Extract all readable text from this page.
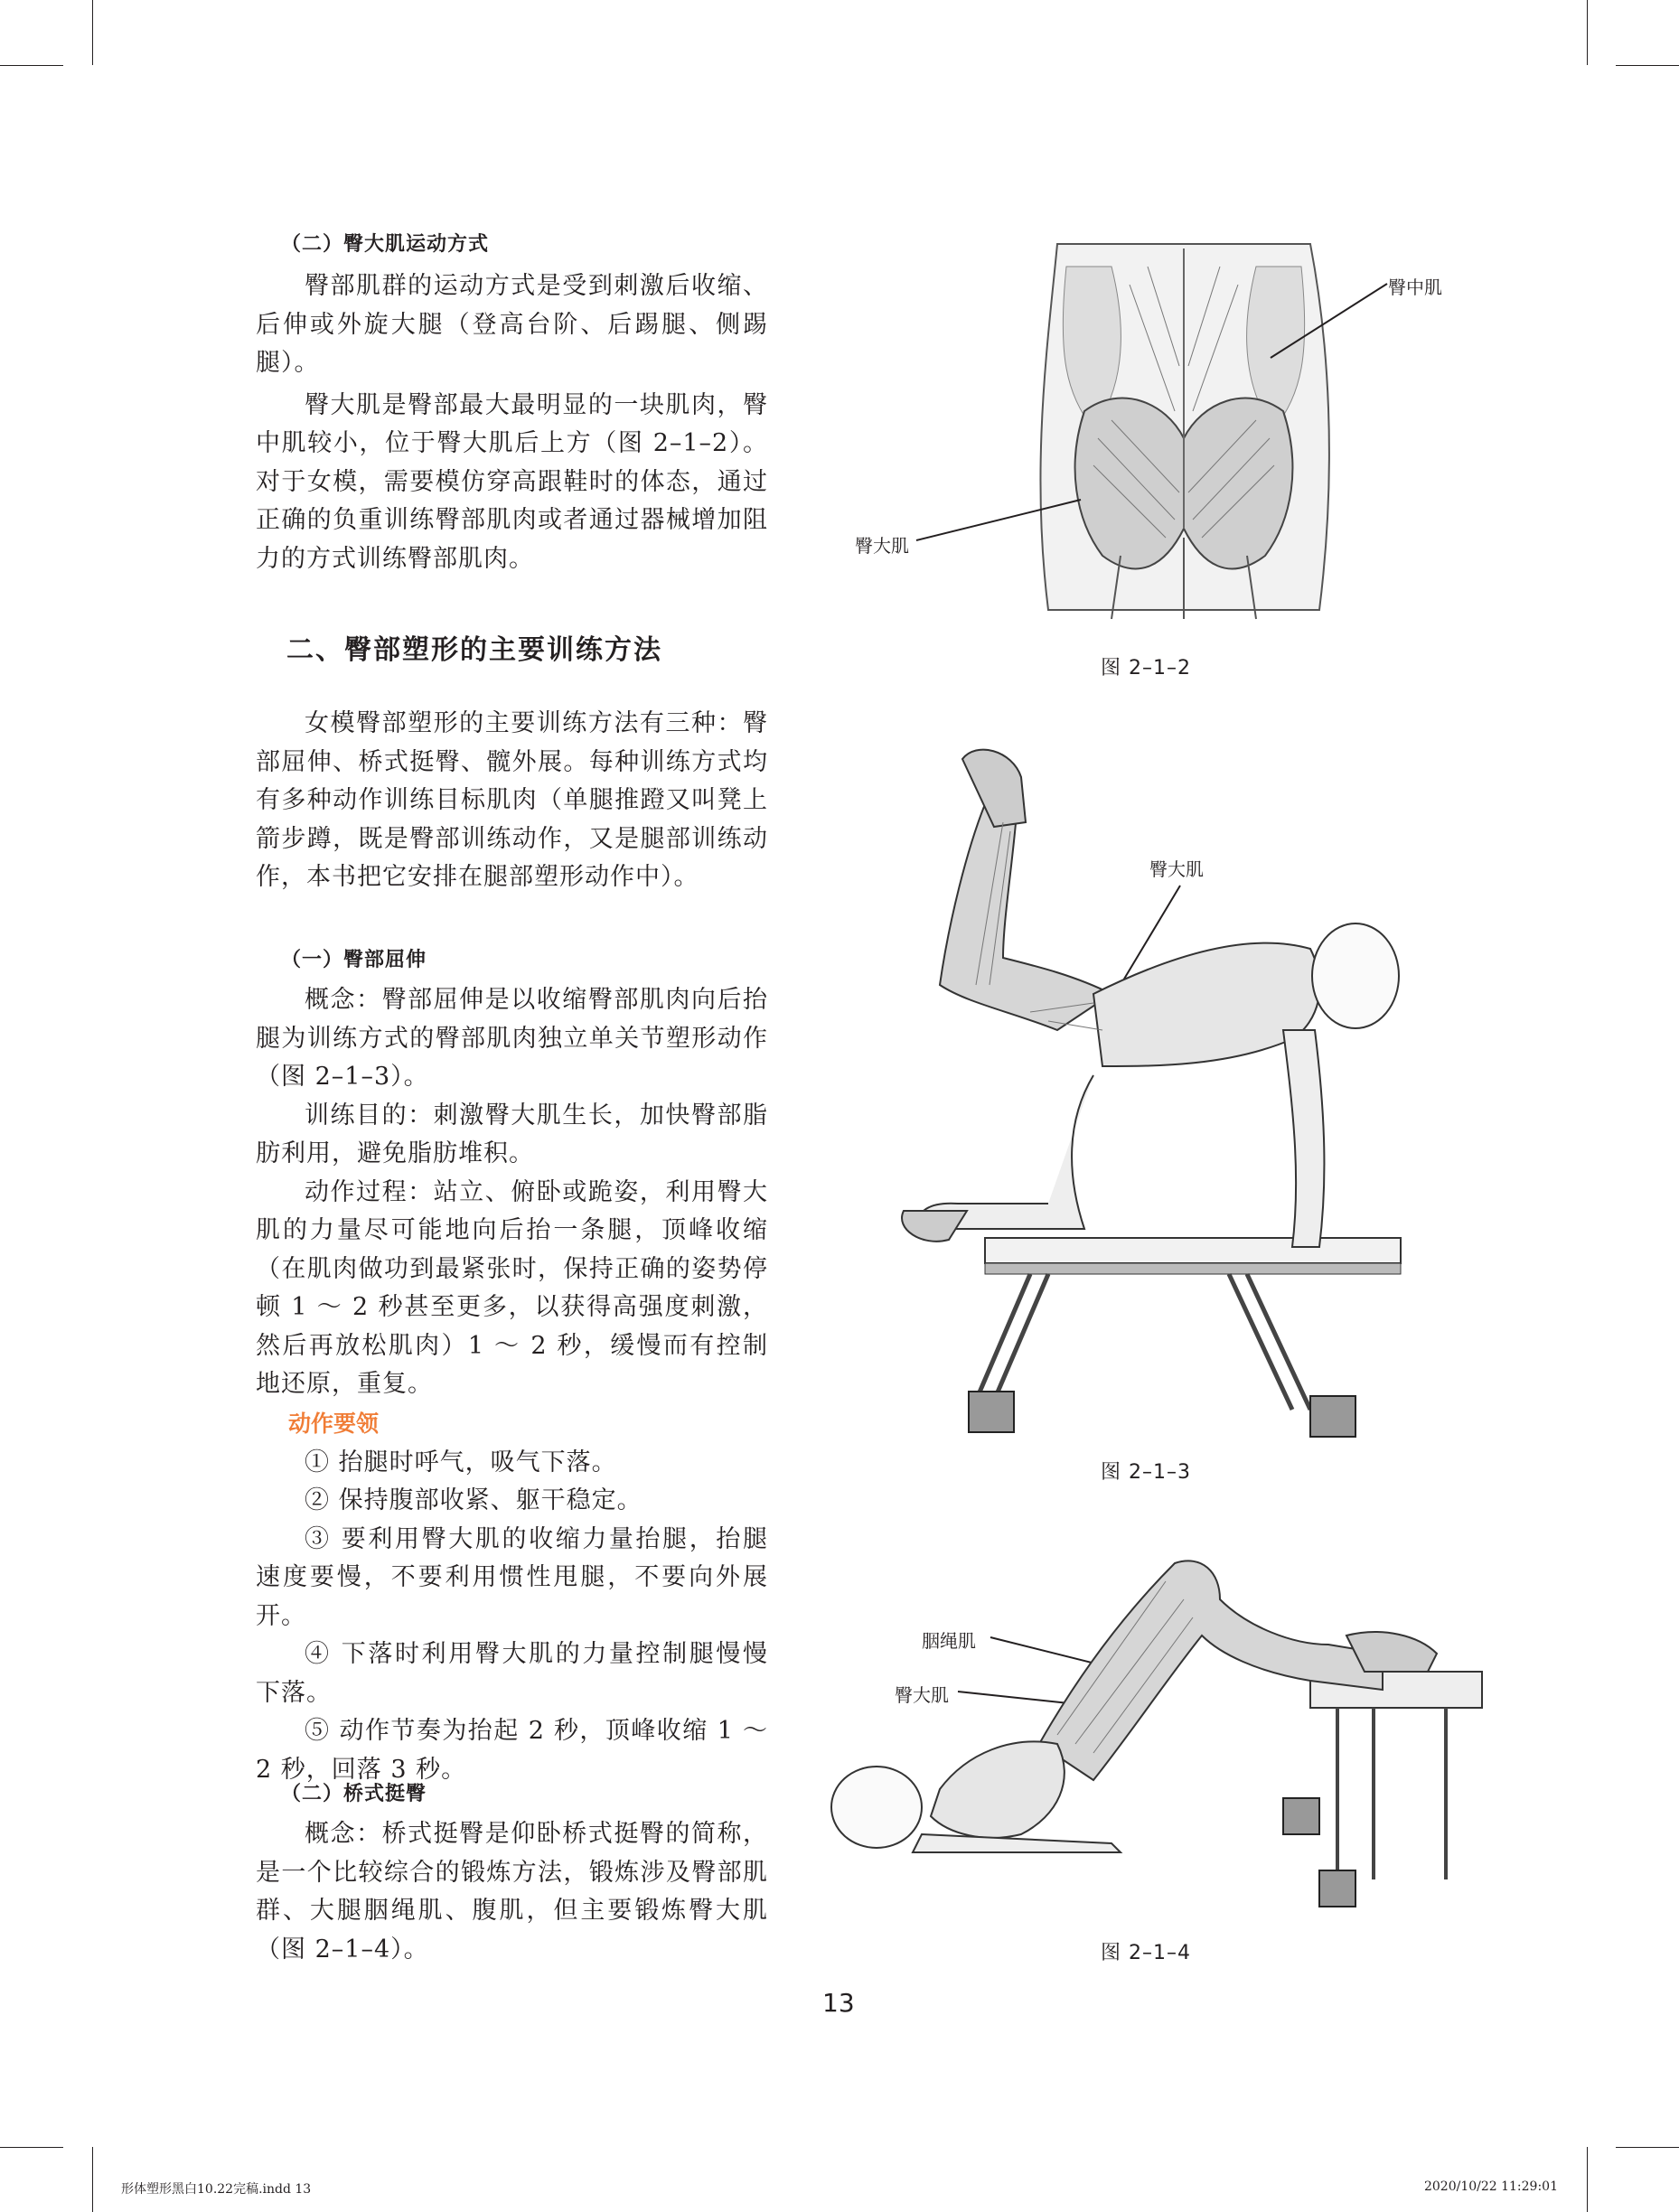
（二）臀大肌运动方式

臀部肌群的运动方式是受到刺激后收缩、后伸或外旋大腿（登高台阶、后踢腿、侧踢腿）。

臀大肌是臀部最大最明显的一块肌肉，臀中肌较小，位于臀大肌后上方（图 2–1–2）。对于女模，需要模仿穿高跟鞋时的体态，通过正确的负重训练臀部肌肉或者通过器械增加阻力的方式训练臀部肌肉。

二、臀部塑形的主要训练方法

女模臀部塑形的主要训练方法有三种：臀部屈伸、桥式挺臀、髋外展。每种训练方式均有多种动作训练目标肌肉（单腿推蹬又叫凳上箭步蹲，既是臀部训练动作，又是腿部训练动作，本书把它安排在腿部塑形动作中）。

（一）臀部屈伸

概念：臀部屈伸是以收缩臀部肌肉向后抬腿为训练方式的臀部肌肉独立单关节塑形动作（图 2–1–3）。

训练目的：刺激臀大肌生长，加快臀部脂肪利用，避免脂肪堆积。

动作过程：站立、俯卧或跪姿，利用臀大肌的力量尽可能地向后抬一条腿，顶峰收缩（在肌肉做功到最紧张时，保持正确的姿势停顿 1 ～ 2 秒甚至更多，以获得高强度刺激，然后再放松肌肉）1 ～ 2 秒，缓慢而有控制地还原，重复。

动作要领

① 抬腿时呼气，吸气下落。

② 保持腹部收紧、躯干稳定。

③ 要利用臀大肌的收缩力量抬腿，抬腿速度要慢，不要利用惯性甩腿，不要向外展开。

④ 下落时利用臀大肌的力量控制腿慢慢下落。

⑤ 动作节奏为抬起 2 秒，顶峰收缩 1 ～ 2 秒，回落 3 秒。

（二）桥式挺臀

概念：桥式挺臀是仰卧桥式挺臀的简称，是一个比较综合的锻炼方法，锻炼涉及臀部肌群、大腿胭绳肌、腹肌，但主要锻炼臀大肌（图 2–1–4）。

臀中肌
臀大肌
图 2–1–2
臀大肌
图 2–1–3
胭绳肌
臀大肌
图 2–1–4
13
形体塑形黑白10.22完稿.indd 13	2020/10/22 11:29:01
